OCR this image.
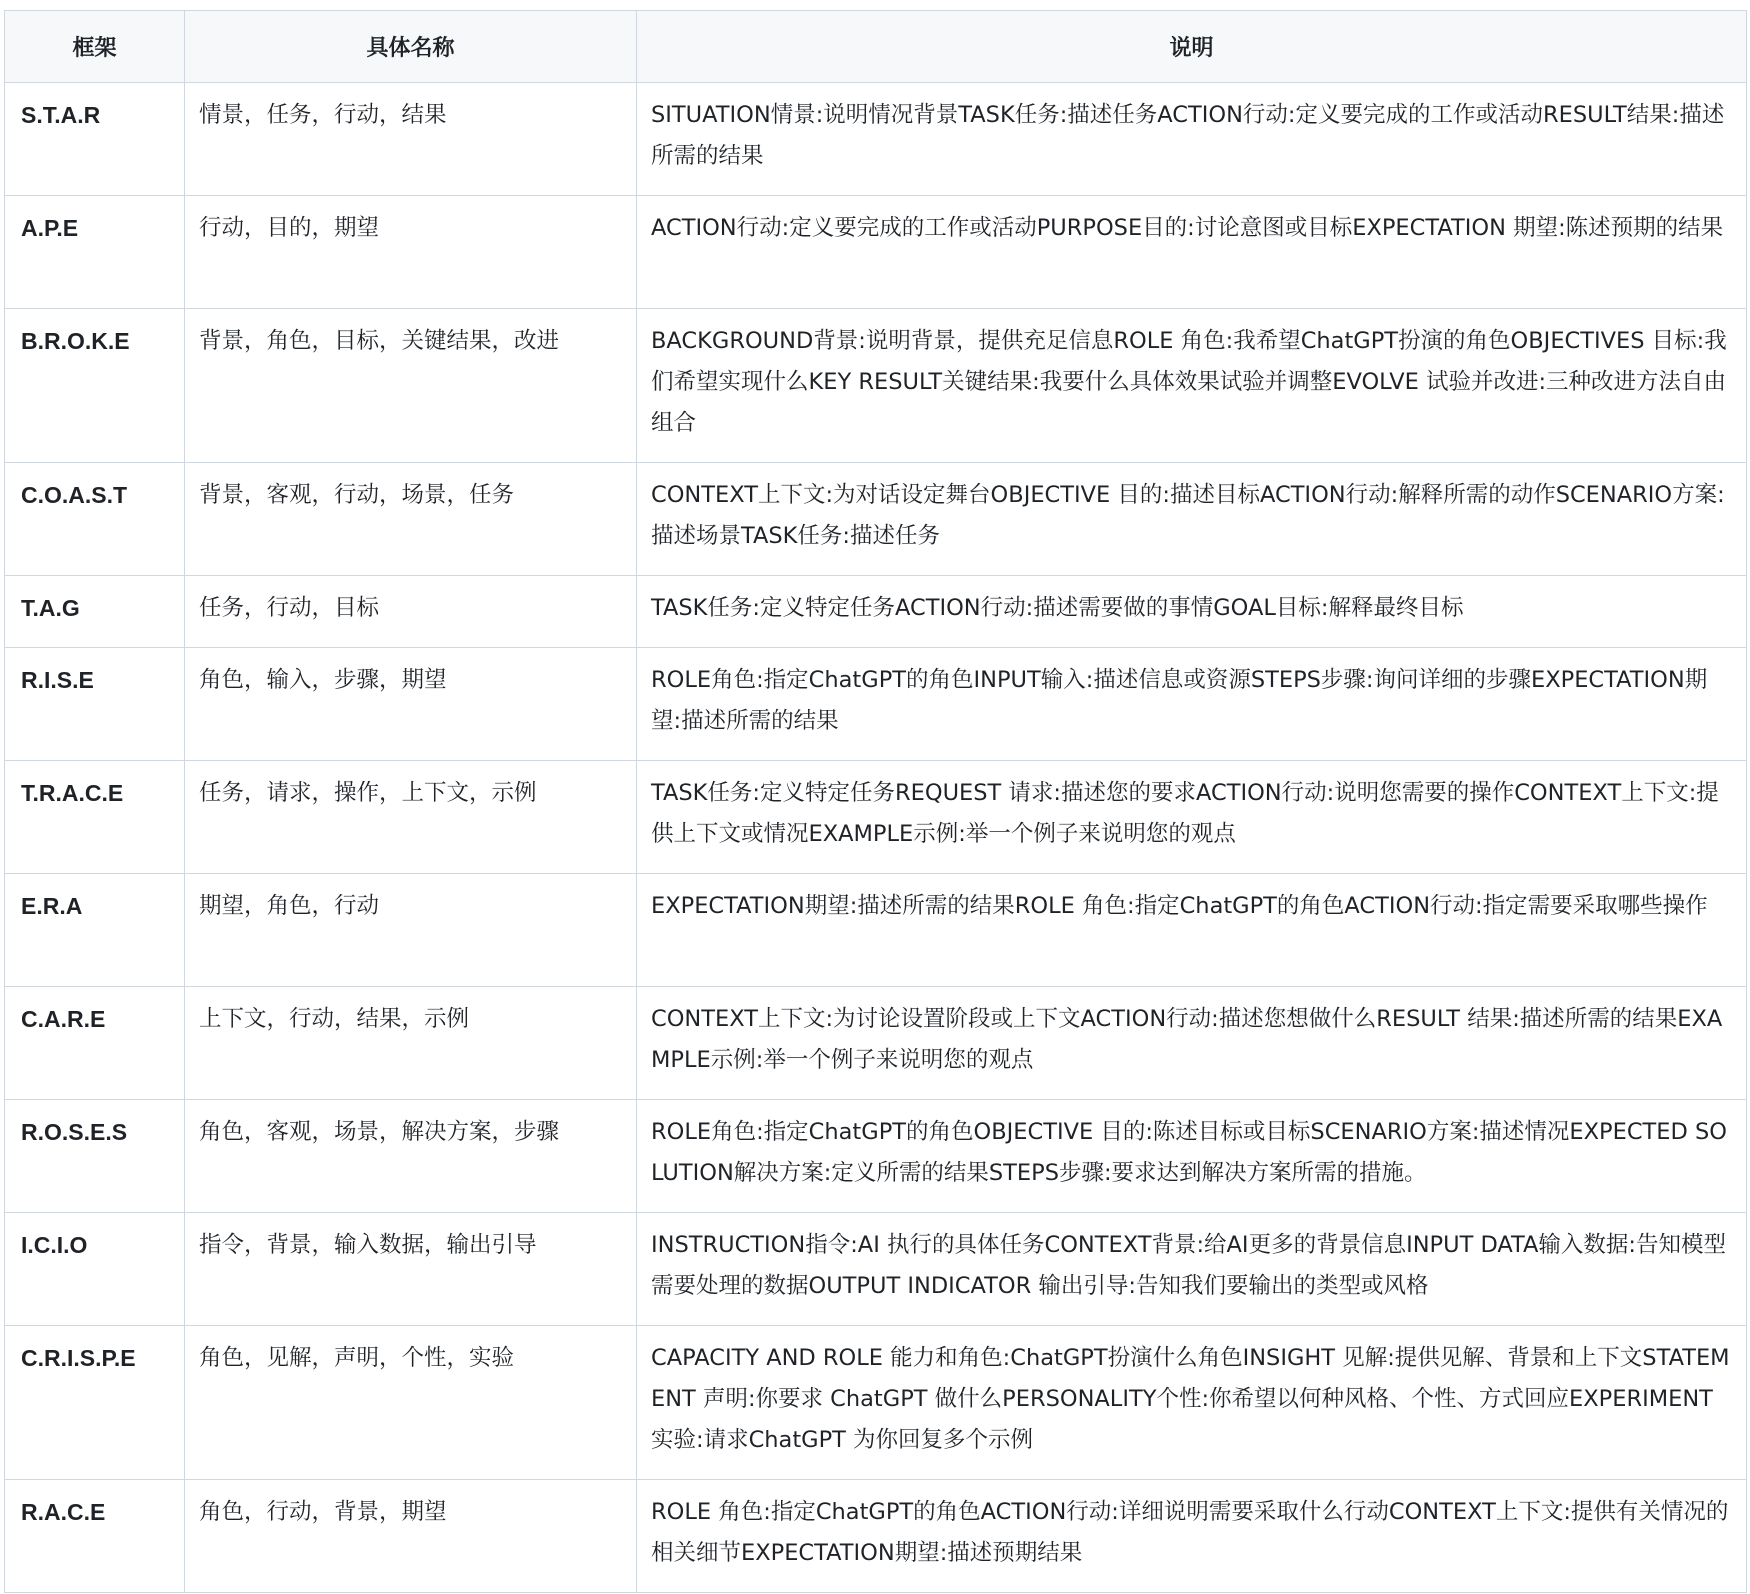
框架	具体名称	说明
S.T.A.R	情景，任务，行动，结果	SITUATION情景:说明情况背景TASK任务:描述任务ACTION行动:定义要完成的工作或活动RESULT结果:描述所需的结果
A.P.E	行动，目的，期望	ACTION行动:定义要完成的工作或活动PURPOSE目的:讨论意图或目标EXPECTATION 期望:陈述预期的结果
B.R.O.K.E	背景，角色，目标，关键结果，改进	BACKGROUND背景:说明背景，提供充足信息ROLE 角色:我希望ChatGPT扮演的角色OBJECTIVES 目标:我们希望实现什么KEY RESULT关键结果:我要什么具体效果试验并调整EVOLVE 试验并改进:三种改进方法自由组合
C.O.A.S.T	背景，客观，行动，场景，任务	CONTEXT上下文:为对话设定舞台OBJECTIVE 目的:描述目标ACTION行动:解释所需的动作SCENARIO方案:描述场景TASK任务:描述任务
T.A.G	任务，行动，目标	TASK任务:定义特定任务ACTION行动:描述需要做的事情GOAL目标:解释最终目标
R.I.S.E	角色，输入，步骤，期望	ROLE角色:指定ChatGPT的角色INPUT输入:描述信息或资源STEPS步骤:询问详细的步骤EXPECTATION期望:描述所需的结果
T.R.A.C.E	任务，请求，操作，上下文，示例	TASK任务:定义特定任务REQUEST 请求:描述您的要求ACTION行动:说明您需要的操作CONTEXT上下文:提供上下文或情况EXAMPLE示例:举一个例子来说明您的观点
E.R.A	期望，角色，行动	EXPECTATION期望:描述所需的结果ROLE 角色:指定ChatGPT的角色ACTION行动:指定需要采取哪些操作
C.A.R.E	上下文，行动，结果，示例	CONTEXT上下文:为讨论设置阶段或上下文ACTION行动:描述您想做什么RESULT 结果:描述所需的结果EXAMPLE示例:举一个例子来说明您的观点
R.O.S.E.S	角色，客观，场景，解决方案，步骤	ROLE角色:指定ChatGPT的角色OBJECTIVE 目的:陈述目标或目标SCENARIO方案:描述情况EXPECTED SOLUTION解决方案:定义所需的结果STEPS步骤:要求达到解决方案所需的措施。
I.C.I.O	指令，背景，输入数据，输出引导	INSTRUCTION指令:AI 执行的具体任务CONTEXT背景:给AI更多的背景信息INPUT DATA输入数据:告知模型需要处理的数据OUTPUT INDICATOR 输出引导:告知我们要输出的类型或风格
C.R.I.S.P.E	角色，见解，声明，个性，实验	CAPACITY AND ROLE 能力和角色:ChatGPT扮演什么角色INSIGHT 见解:提供见解、背景和上下文STATEMENT 声明:你要求 ChatGPT 做什么PERSONALITY个性:你希望以何种风格、个性、方式回应EXPERIMENT 实验:请求ChatGPT 为你回复多个示例
R.A.C.E	角色，行动，背景，期望	ROLE 角色:指定ChatGPT的角色ACTION行动:详细说明需要采取什么行动CONTEXT上下文:提供有关情况的相关细节EXPECTATION期望:描述预期结果
